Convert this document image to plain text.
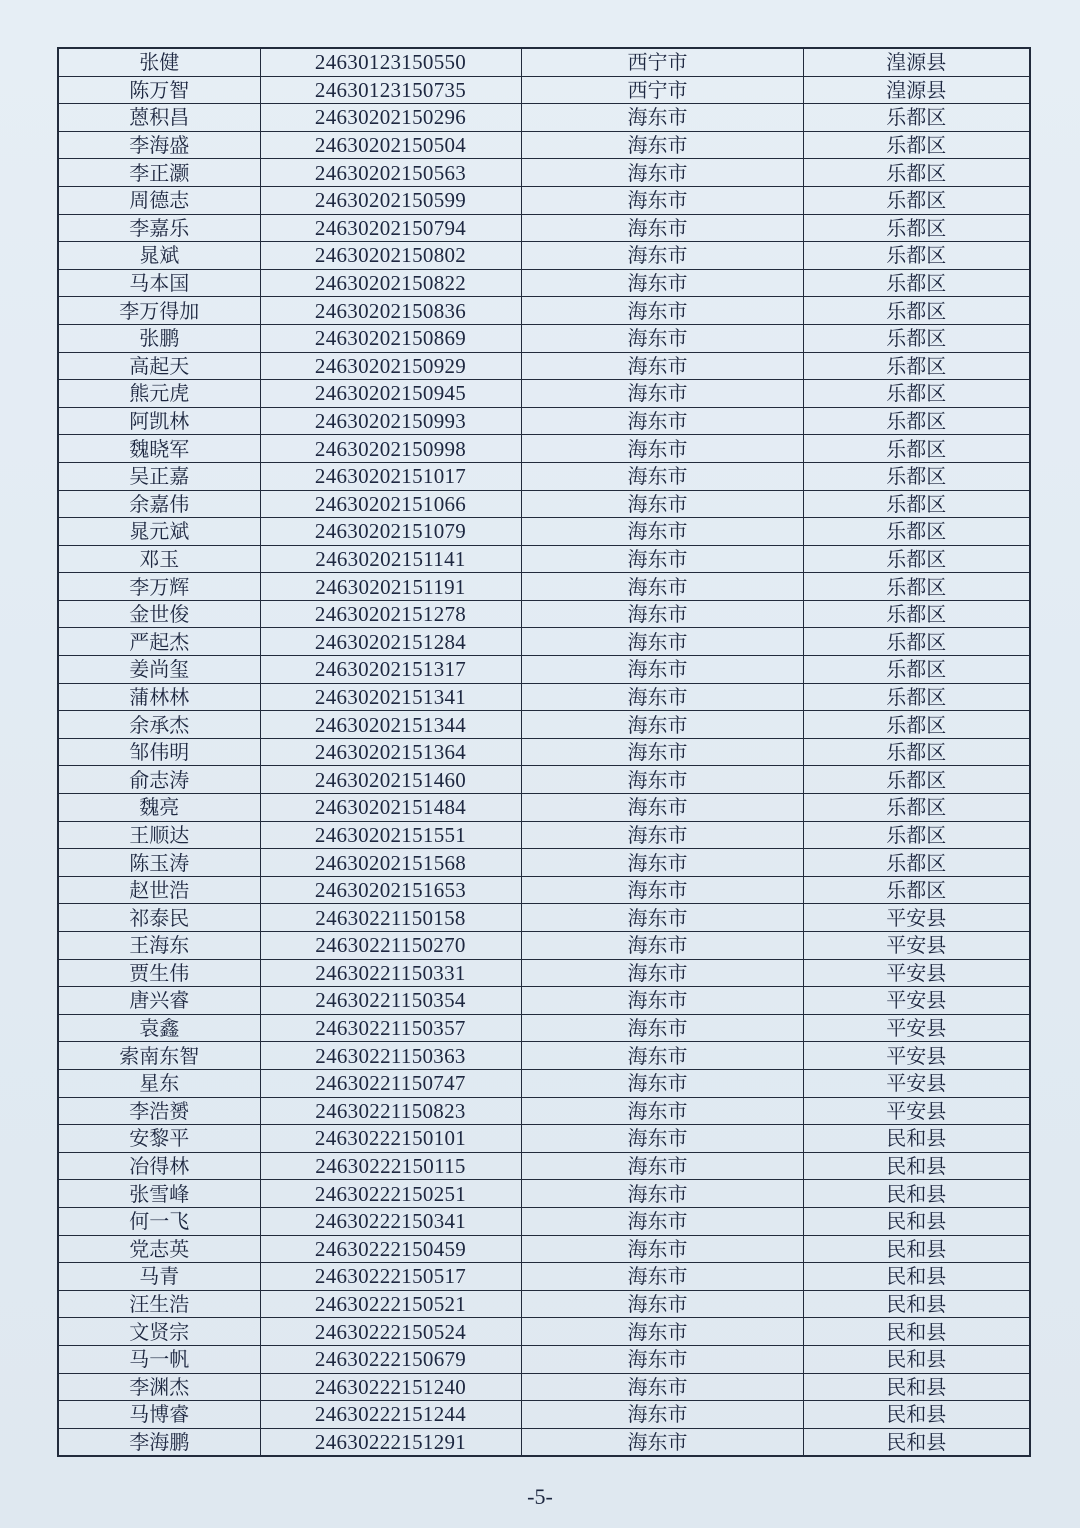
张健	24630123150550	西宁市	湟源县
陈万智	24630123150735	西宁市	湟源县
蒽积昌	24630202150296	海东市	乐都区
李海盛	24630202150504	海东市	乐都区
李正灏	24630202150563	海东市	乐都区
周德志	24630202150599	海东市	乐都区
李嘉乐	24630202150794	海东市	乐都区
晁斌	24630202150802	海东市	乐都区
马本国	24630202150822	海东市	乐都区
李万得加	24630202150836	海东市	乐都区
张鹏	24630202150869	海东市	乐都区
高起天	24630202150929	海东市	乐都区
熊元虎	24630202150945	海东市	乐都区
阿凯林	24630202150993	海东市	乐都区
魏晓军	24630202150998	海东市	乐都区
吴正嘉	24630202151017	海东市	乐都区
余嘉伟	24630202151066	海东市	乐都区
晁元斌	24630202151079	海东市	乐都区
邓玉	24630202151141	海东市	乐都区
李万辉	24630202151191	海东市	乐都区
金世俊	24630202151278	海东市	乐都区
严起杰	24630202151284	海东市	乐都区
姜尚玺	24630202151317	海东市	乐都区
蒲林林	24630202151341	海东市	乐都区
余承杰	24630202151344	海东市	乐都区
邹伟明	24630202151364	海东市	乐都区
俞志涛	24630202151460	海东市	乐都区
魏亮	24630202151484	海东市	乐都区
王顺达	24630202151551	海东市	乐都区
陈玉涛	24630202151568	海东市	乐都区
赵世浩	24630202151653	海东市	乐都区
祁泰民	24630221150158	海东市	平安县
王海东	24630221150270	海东市	平安县
贾生伟	24630221150331	海东市	平安县
唐兴睿	24630221150354	海东市	平安县
袁鑫	24630221150357	海东市	平安县
索南东智	24630221150363	海东市	平安县
星东	24630221150747	海东市	平安县
李浩赟	24630221150823	海东市	平安县
安黎平	24630222150101	海东市	民和县
冶得林	24630222150115	海东市	民和县
张雪峰	24630222150251	海东市	民和县
何一飞	24630222150341	海东市	民和县
党志英	24630222150459	海东市	民和县
马青	24630222150517	海东市	民和县
汪生浩	24630222150521	海东市	民和县
文贤宗	24630222150524	海东市	民和县
马一帆	24630222150679	海东市	民和县
李渊杰	24630222151240	海东市	民和县
马博睿	24630222151244	海东市	民和县
李海鹏	24630222151291	海东市	民和县
-5-
